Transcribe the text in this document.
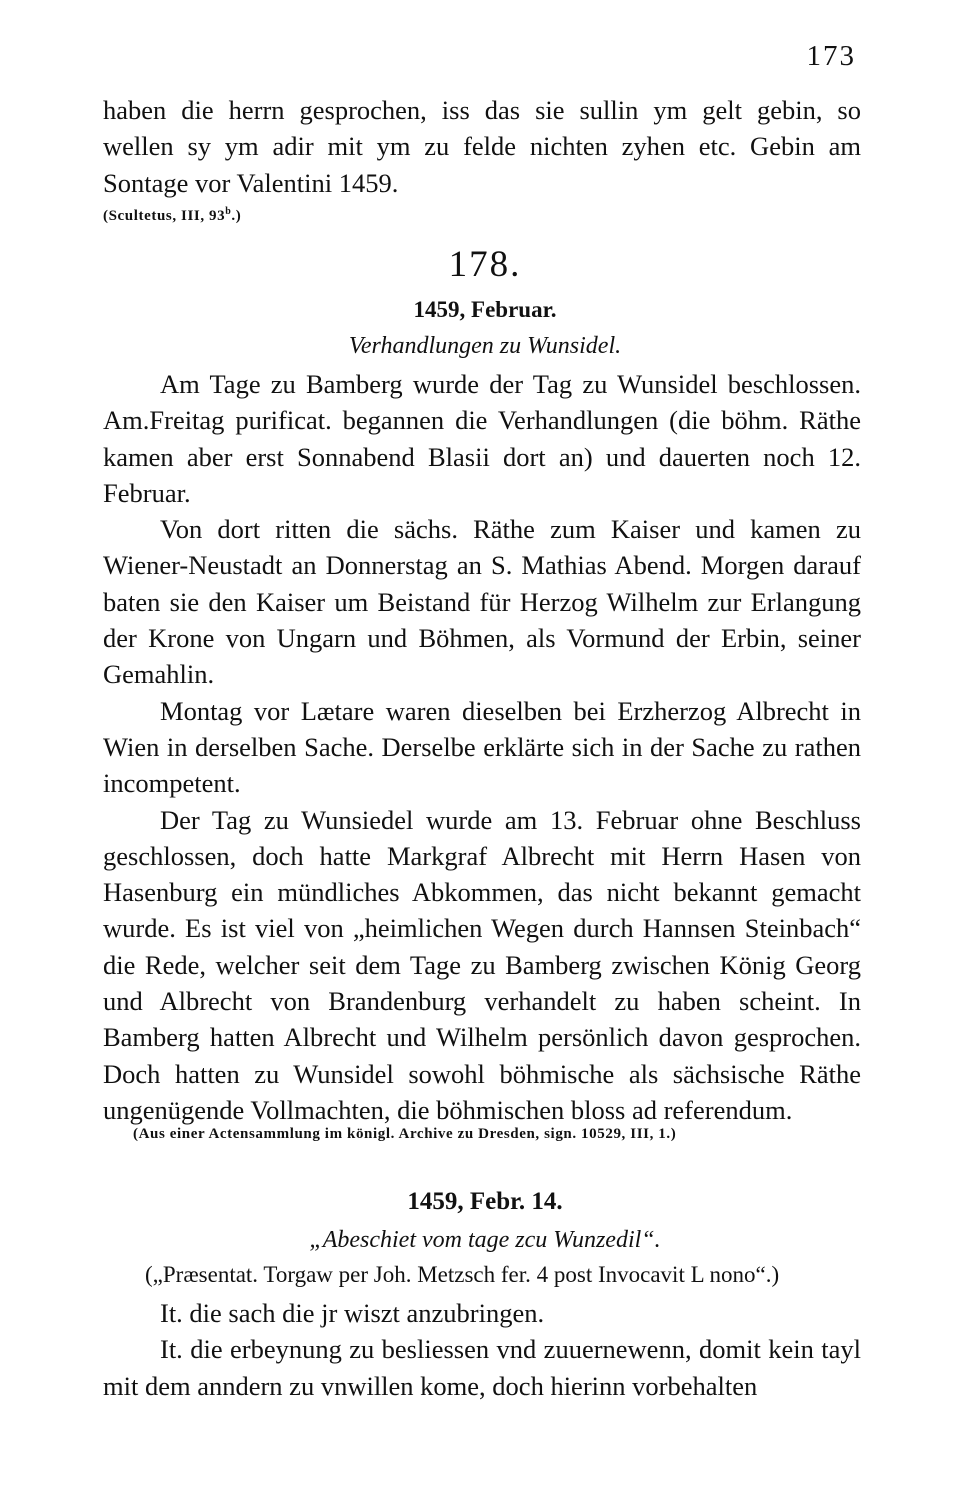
173

haben die herrn gesprochen, iss das sie sullin ym gelt gebin, so

wellen sy ym adir mit ym zu felde nichten zyhen etc. Gebin am

Sontage vor Valentini 1459.

(Scultetus, III, 93$^b$.)
178.
1459, Februar.
Verhandlungen zu Wunsidel.

Am Tage zu Bamberg wurde der Tag zu Wunsidel beschlossen. Am.Freitag purificat. begannen die Verhandlungen (die böhm. Räthe kamen aber erst Sonnabend Blasii dort an) und dauerten noch 12. Februar.

Von dort ritten die sächs. Räthe zum Kaiser und kamen zu Wiener-Neustadt an Donnerstag an S. Mathias Abend. Morgen darauf baten sie den Kaiser um Beistand für Herzog Wilhelm zur Erlangung der Krone von Ungarn und Böhmen, als Vormund der Erbin, seiner Gemahlin.

Montag vor Lætare waren dieselben bei Erzherzog Albrecht in Wien in derselben Sache. Derselbe erklärte sich in der Sache zu rathen incompetent.

Der Tag zu Wunsiedel wurde am 13. Februar ohne Beschluss geschlossen, doch hatte Markgraf Albrecht mit Herrn Hasen von Hasenburg ein mündliches Abkommen, das nicht bekannt gemacht wurde. Es ist viel von „heimlichen Wegen durch Hannsen Steinbach“ die Rede, welcher seit dem Tage zu Bamberg zwischen König Georg und Albrecht von Brandenburg verhandelt zu haben scheint. In Bamberg hatten Albrecht und Wilhelm persönlich davon gesprochen. Doch hatten zu Wunsidel sowohl böhmische als sächsische Räthe ungenügende Vollmachten, die böhmischen bloss ad referendum.

(Aus einer Actensammlung im königl. Archive zu Dresden, sign. 10529, III, 1.)
1459, Febr. 14.
„Abeschiet vom tage zcu Wunzedil“.
(„Præsentat. Torgaw per Joh. Metzsch fer. 4 post Invocavit L nono“.)

It. die sach die jr wiszt anzubringen.

It. die erbeynung zu besliessen vnd zuuernewenn, domit kein tayl mit dem anndern zu vnwillen kome, doch hierinn vorbehalten
